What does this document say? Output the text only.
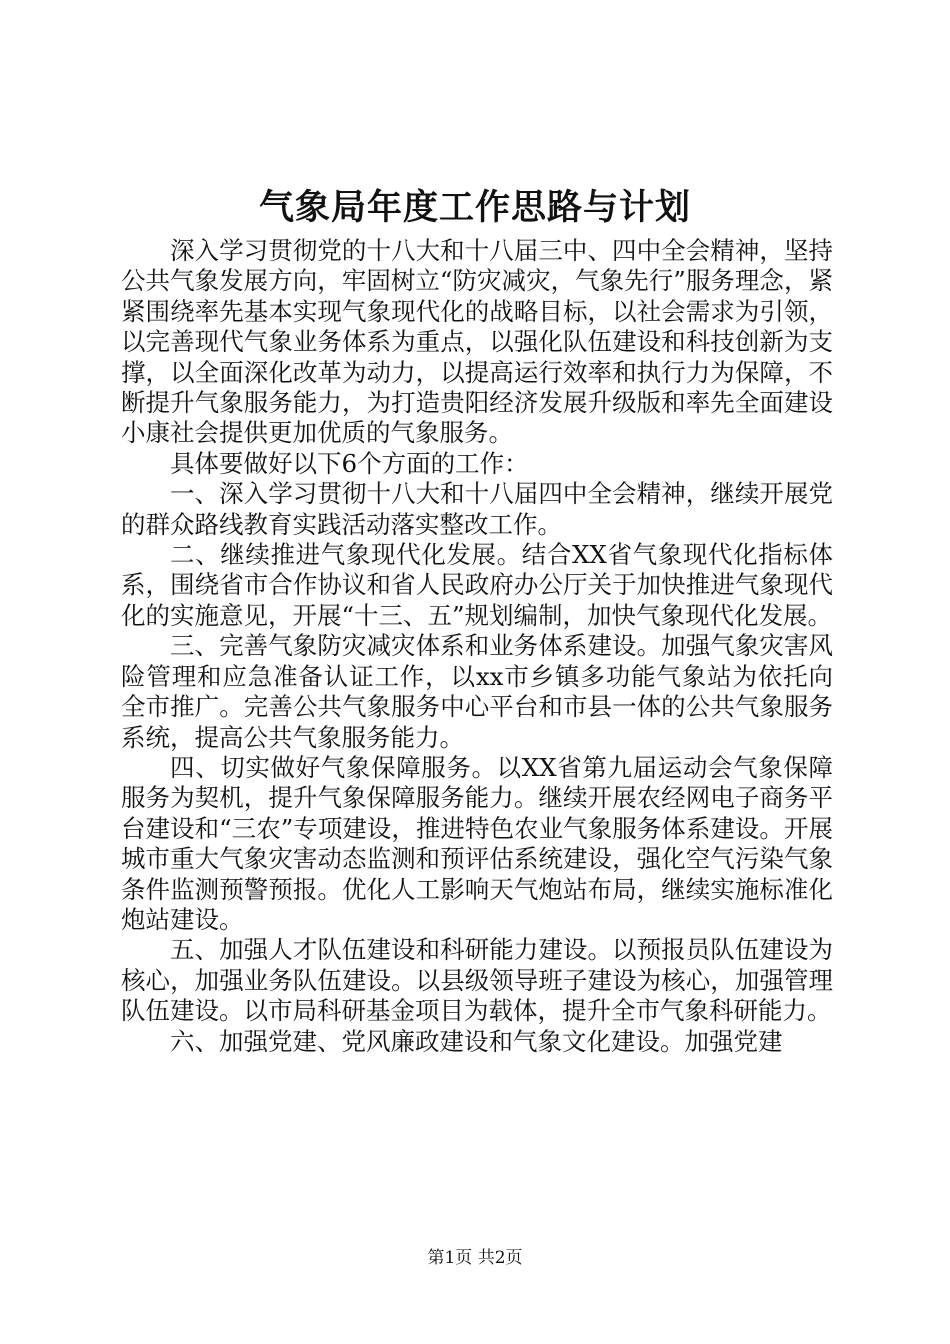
气象局年度工作思路与计划

深入学习贯彻党的十八大和十八届三中、四中全会精神，坚持公共气象发展方向，牢固树立“防灾减灾，气象先行”服务理念，紧紧围绕率先基本实现气象现代化的战略目标，以社会需求为引领，以完善现代气象业务体系为重点，以强化队伍建设和科技创新为支撑，以全面深化改革为动力，以提高运行效率和执行力为保障，不断提升气象服务能力，为打造贵阳经济发展升级版和率先全面建设小康社会提供更加优质的气象服务。

具体要做好以下6个方面的工作：

一、深入学习贯彻十八大和十八届四中全会精神，继续开展党的群众路线教育实践活动落实整改工作。

二、继续推进气象现代化发展。结合XX省气象现代化指标体系，围绕省市合作协议和省人民政府办公厅关于加快推进气象现代化的实施意见，开展“十三、五”规划编制，加快气象现代化发展。

三、完善气象防灾减灾体系和业务体系建设。加强气象灾害风险管理和应急准备认证工作，以xx市乡镇多功能气象站为依托向全市推广。完善公共气象服务中心平台和市县一体的公共气象服务系统，提高公共气象服务能力。

四、切实做好气象保障服务。以XX省第九届运动会气象保障服务为契机，提升气象保障服务能力。继续开展农经网电子商务平台建设和“三农”专项建设，推进特色农业气象服务体系建设。开展城市重大气象灾害动态监测和预评估系统建设，强化空气污染气象条件监测预警预报。优化人工影响天气炮站布局，继续实施标准化炮站建设。

五、加强人才队伍建设和科研能力建设。以预报员队伍建设为核心，加强业务队伍建设。以县级领导班子建设为核心，加强管理队伍建设。以市局科研基金项目为载体，提升全市气象科研能力。

六、加强党建、党风廉政建设和气象文化建设。加强党建

第1页 共2页
